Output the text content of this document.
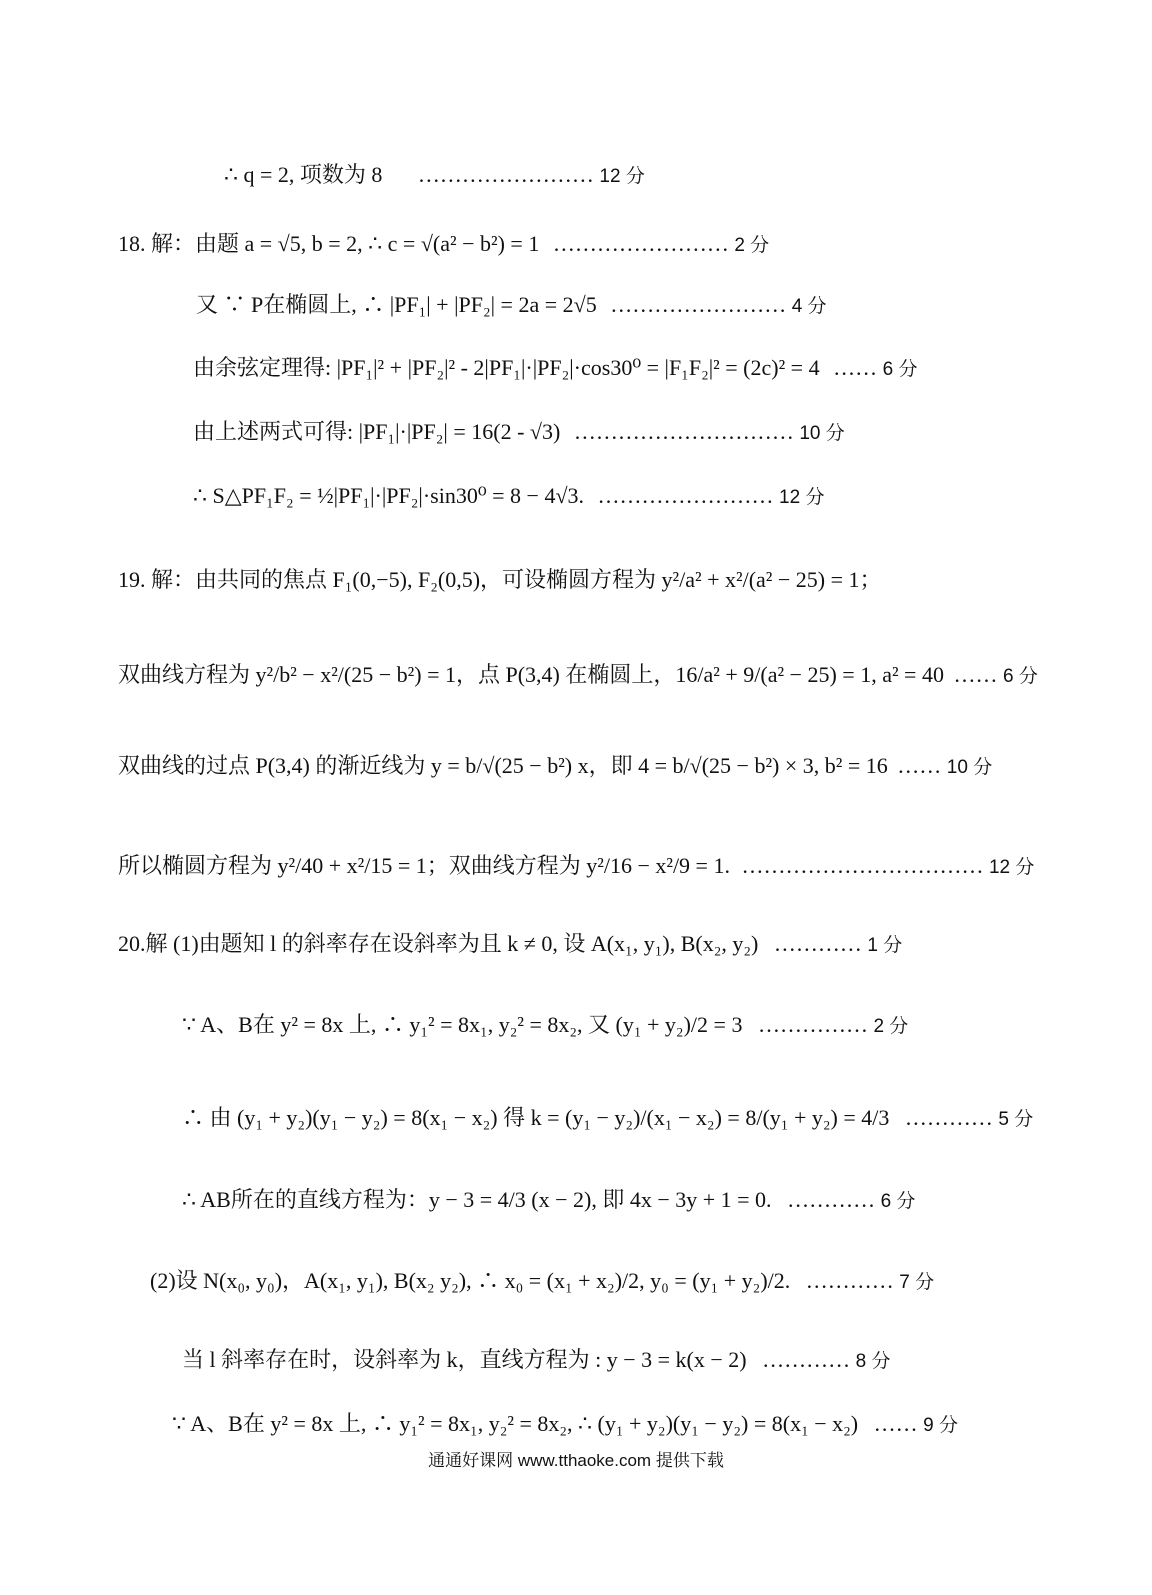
∴ q = 2, 项数为 8 …………………… 12 分
18. 解：由题 a = √5, b = 2, ∴ c = √(a² − b²) = 1 …………………… 2 分
又 ∵ P在椭圆上, ∴ |PF₁| + |PF₂| = 2a = 2√5 …………………… 4 分
由余弦定理得: |PF₁|² + |PF₂|² - 2|PF₁|·|PF₂|·cos30⁰ = |F₁F₂|² = (2c)² = 4 …… 6 分
由上述两式可得: |PF₁|·|PF₂| = 16(2 - √3) ………………………… 10 分
∴ S△PF₁F₂ = ½|PF₁|·|PF₂|·sin30⁰ = 8 − 4√3. …………………… 12 分
19. 解：由共同的焦点 F₁(0,−5), F₂(0,5)，可设椭圆方程为 y²/a² + x²/(a² − 25) = 1；
双曲线方程为 y²/b² − x²/(25 − b²) = 1，点 P(3,4) 在椭圆上，16/a² + 9/(a² − 25) = 1, a² = 40 …… 6 分
双曲线的过点 P(3,4) 的渐近线为 y = b/√(25 − b²) x，即 4 = b/√(25 − b²) × 3, b² = 16 …… 10 分
所以椭圆方程为 y²/40 + x²/15 = 1；双曲线方程为 y²/16 − x²/9 = 1. …………………………… 12 分
20.解 (1)由题知 l 的斜率存在设斜率为且 k ≠ 0, 设 A(x₁, y₁), B(x₂, y₂) ………… 1 分
∵ A、B在 y² = 8x 上, ∴ y₁² = 8x₁, y₂² = 8x₂, 又 (y₁ + y₂)/2 = 3 …………… 2 分
∴ 由 (y₁ + y₂)(y₁ − y₂) = 8(x₁ − x₂) 得 k = (y₁ − y₂)/(x₁ − x₂) = 8/(y₁ + y₂) = 4/3 ………… 5 分
∴ AB所在的直线方程为：y − 3 = 4/3 (x − 2), 即 4x − 3y + 1 = 0. ………… 6 分
(2)设 N(x₀, y₀)，A(x₁, y₁), B(x₂ y₂), ∴ x₀ = (x₁ + x₂)/2, y₀ = (y₁ + y₂)/2. ………… 7 分
当 l 斜率存在时，设斜率为 k，直线方程为 : y − 3 = k(x − 2) ………… 8 分
∵ A、B在 y² = 8x 上, ∴ y₁² = 8x₁, y₂² = 8x₂, ∴ (y₁ + y₂)(y₁ − y₂) = 8(x₁ − x₂) …… 9 分
通通好课网 www.tthaoke.com 提供下载
